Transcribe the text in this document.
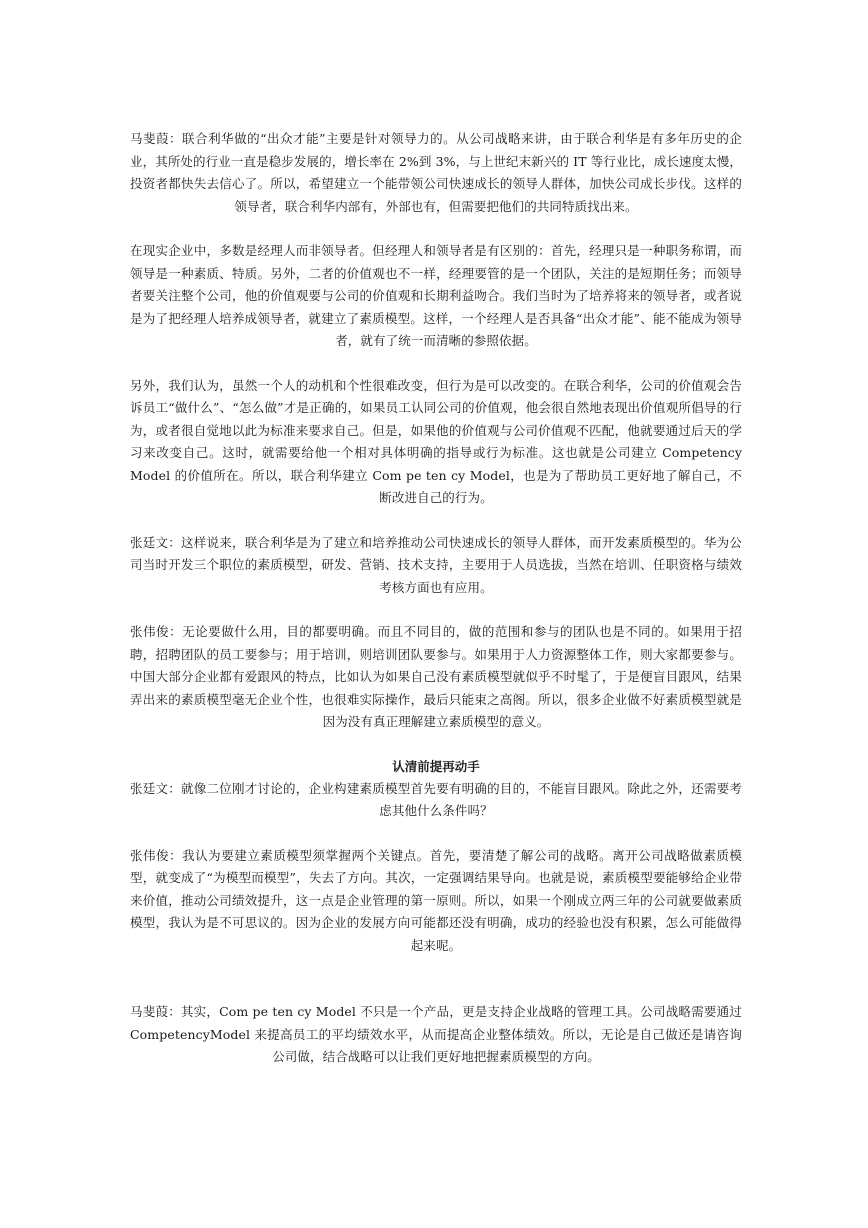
马斐葭：联合利华做的“出众才能”主要是针对领导力的。从公司战略来讲，由于联合利华是有多年历史的企业，其所处的行业一直是稳步发展的，增长率在 2%到 3%，与上世纪末新兴的 IT 等行业比，成长速度太慢，投资者都快失去信心了。所以，希望建立一个能带领公司快速成长的领导人群体，加快公司成长步伐。这样的领导者，联合利华内部有，外部也有，但需要把他们的共同特质找出来。

在现实企业中，多数是经理人而非领导者。但经理人和领导者是有区别的：首先，经理只是一种职务称谓，而领导是一种素质、特质。另外，二者的价值观也不一样，经理要管的是一个团队，关注的是短期任务；而领导者要关注整个公司，他的价值观要与公司的价值观和长期利益吻合。我们当时为了培养将来的领导者，或者说是为了把经理人培养成领导者，就建立了素质模型。这样，一个经理人是否具备“出众才能”、能不能成为领导者，就有了统一而清晰的参照依据。

另外，我们认为，虽然一个人的动机和个性很难改变，但行为是可以改变的。在联合利华，公司的价值观会告诉员工“做什么”、“怎么做”才是正确的，如果员工认同公司的价值观，他会很自然地表现出价值观所倡导的行为，或者很自觉地以此为标准来要求自己。但是，如果他的价值观与公司价值观不匹配，他就要通过后天的学习来改变自己。这时，就需要给他一个相对具体明确的指导或行为标准。这也就是公司建立 Competency Model 的价值所在。所以，联合利华建立 Com pe ten cy Model，也是为了帮助员工更好地了解自己，不断改进自己的行为。

张廷文：这样说来，联合利华是为了建立和培养推动公司快速成长的领导人群体，而开发素质模型的。华为公司当时开发三个职位的素质模型，研发、营销、技术支持，主要用于人员选拔，当然在培训、任职资格与绩效考核方面也有应用。

张伟俊：无论要做什么用，目的都要明确。而且不同目的，做的范围和参与的团队也是不同的。如果用于招聘，招聘团队的员工要参与；用于培训，则培训团队要参与。如果用于人力资源整体工作，则大家都要参与。中国大部分企业都有爱跟风的特点，比如认为如果自己没有素质模型就似乎不时髦了，于是便盲目跟风，结果弄出来的素质模型毫无企业个性，也很难实际操作，最后只能束之高阁。所以，很多企业做不好素质模型就是因为没有真正理解建立素质模型的意义。

认清前提再动手

张廷文：就像二位刚才讨论的，企业构建素质模型首先要有明确的目的，不能盲目跟风。除此之外，还需要考虑其他什么条件吗？

张伟俊：我认为要建立素质模型须掌握两个关键点。首先，要清楚了解公司的战略。离开公司战略做素质模型，就变成了“为模型而模型”，失去了方向。其次，一定强调结果导向。也就是说，素质模型要能够给企业带来价值，推动公司绩效提升，这一点是企业管理的第一原则。所以，如果一个刚成立两三年的公司就要做素质模型，我认为是不可思议的。因为企业的发展方向可能都还没有明确，成功的经验也没有积累，怎么可能做得起来呢。

马斐葭：其实，Com pe ten cy Model 不只是一个产品，更是支持企业战略的管理工具。公司战略需要通过 CompetencyModel 来提高员工的平均绩效水平，从而提高企业整体绩效。所以，无论是自己做还是请咨询公司做，结合战略可以让我们更好地把握素质模型的方向。
